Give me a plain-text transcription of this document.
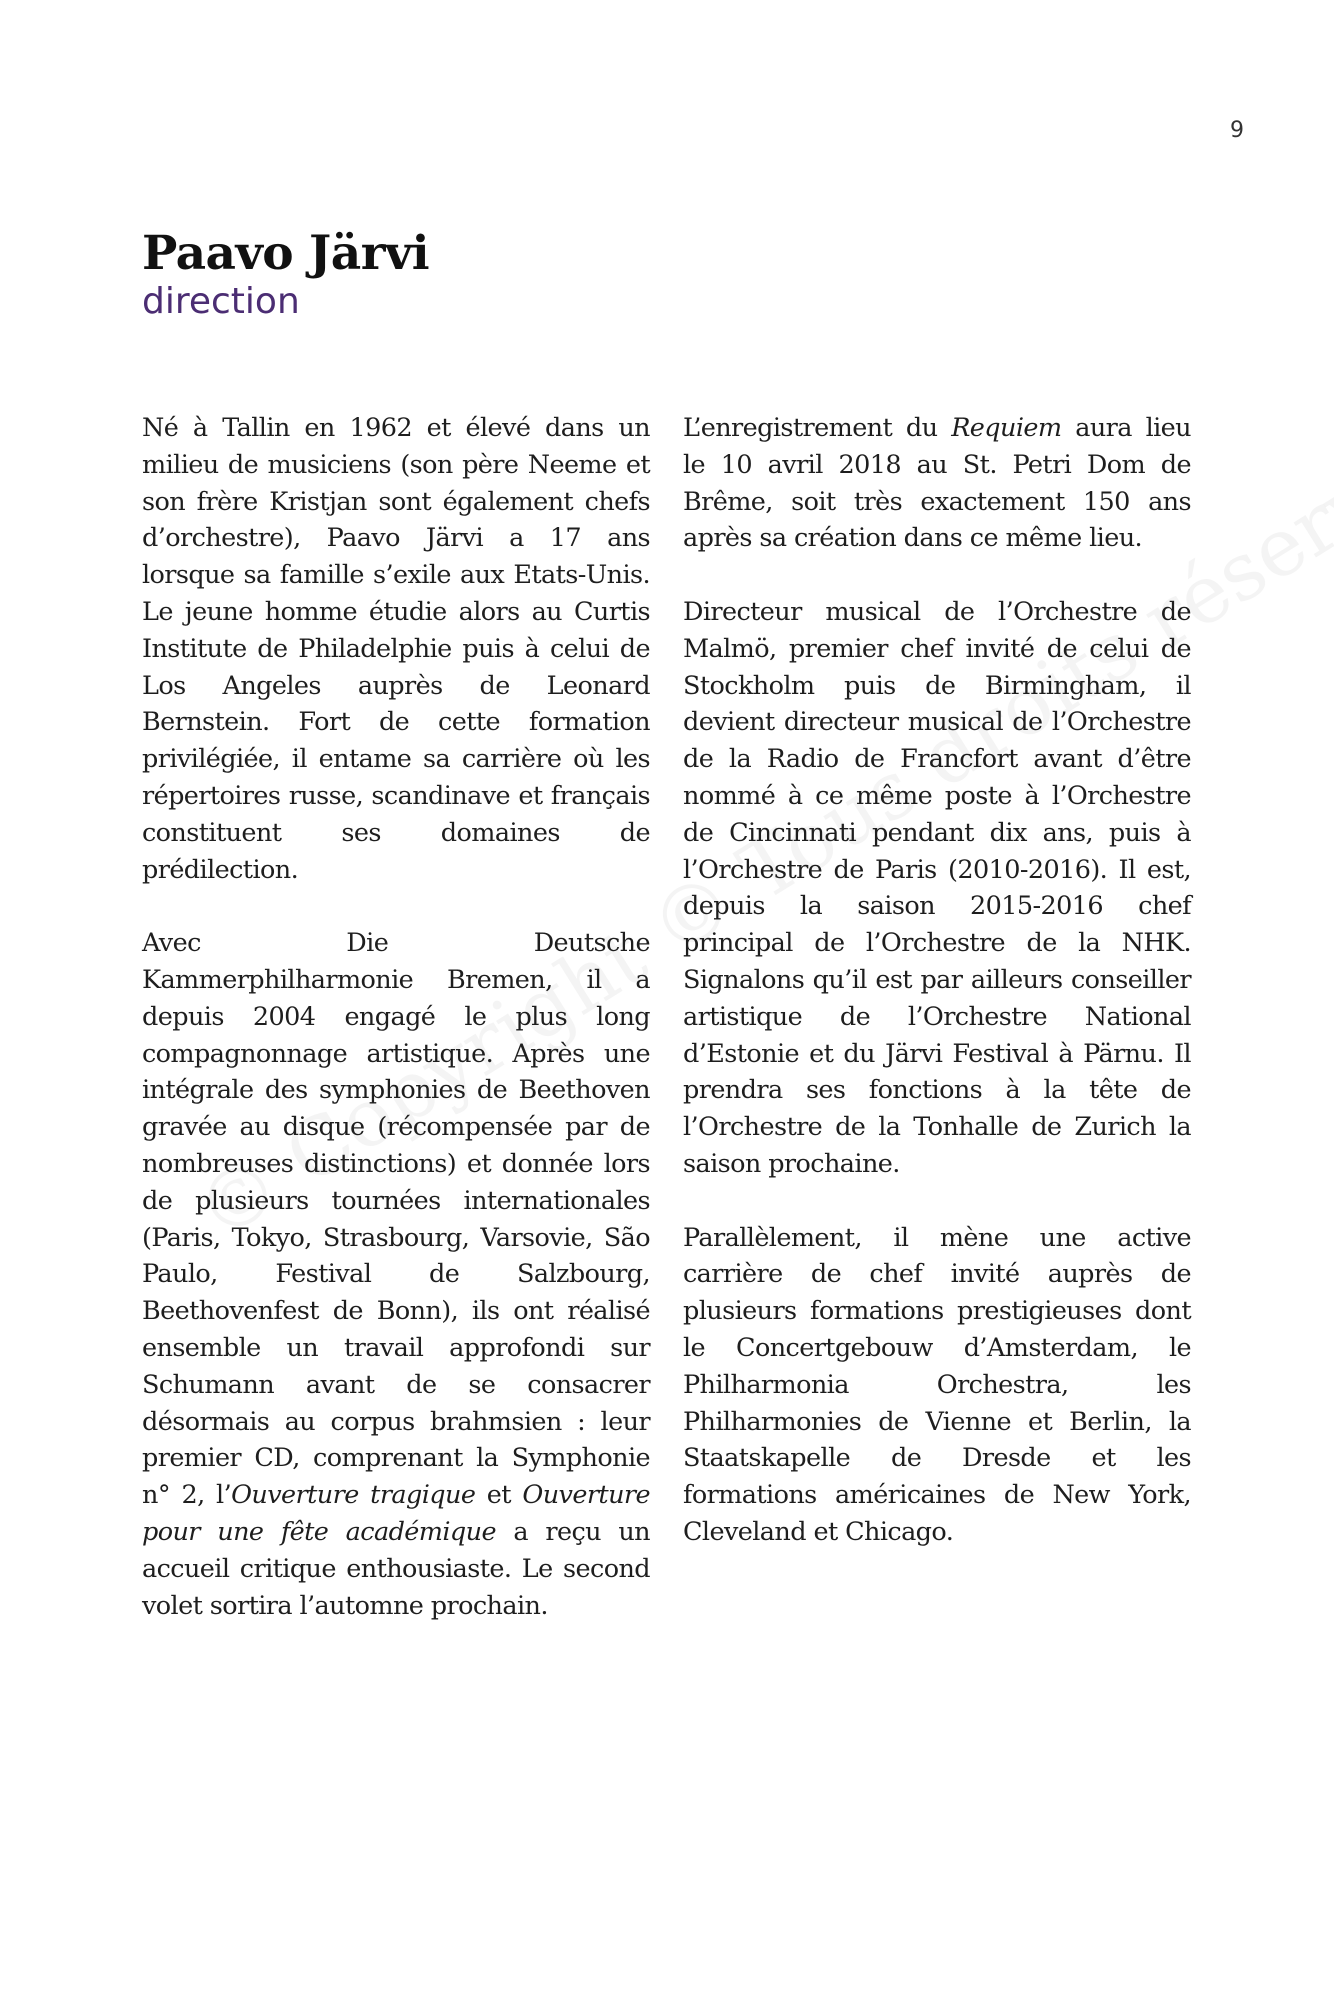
9
Paavo Järvi
direction

Né à Tallin en 1962 et élevé dans un milieu de musiciens (son père Neeme et son frère Kristjan sont également chefs d’orchestre), Paavo Järvi a 17 ans lorsque sa famille s’exile aux Etats-Unis. Le jeune homme étudie alors au Curtis Institute de Philadelphie puis à celui de Los Angeles auprès de Leonard Bernstein. Fort de cette formation privilégiée, il entame sa carrière où les répertoires russe, scandinave et français constituent ses domaines de prédilection.

Avec Die Deutsche Kammerphilharmonie Bremen, il a depuis 2004 engagé le plus long compagnonnage artistique. Après une intégrale des symphonies de Beethoven gravée au disque (récompensée par de nombreuses distinctions) et donnée lors de plusieurs tournées internationales (Paris, Tokyo, Strasbourg, Varsovie, São Paulo, Festival de Salzbourg, Beethovenfest de Bonn), ils ont réalisé ensemble un travail approfondi sur Schumann avant de se consacrer désormais au corpus brahmsien : leur premier CD, comprenant la Symphonie n° 2, l’Ouverture tragique et Ouverture pour une fête académique a reçu un accueil critique enthousiaste. Le second volet sortira l’automne prochain.

L’enregistrement du Requiem aura lieu le 10 avril 2018 au St. Petri Dom de Brême, soit très exactement 150 ans après sa création dans ce même lieu.

Directeur musical de l’Orchestre de Malmö, premier chef invité de celui de Stockholm puis de Birmingham, il devient directeur musical de l’Orchestre de la Radio de Francfort avant d’être nommé à ce même poste à l’Orchestre de Cincinnati pendant dix ans, puis à l’Orchestre de Paris (2010-2016). Il est, depuis la saison 2015-2016 chef principal de l’Orchestre de la NHK. Signalons qu’il est par ailleurs conseiller artistique de l’Orchestre National d’Estonie et du Järvi Festival à Pärnu. Il prendra ses fonctions à la tête de l’Orchestre de la Tonhalle de Zurich la saison prochaine.

Parallèlement, il mène une active carrière de chef invité auprès de plusieurs formations prestigieuses dont le Concertgebouw d’Amsterdam, le Philharmonia Orchestra, les Philharmonies de Vienne et Berlin, la Staatskapelle de Dresde et les formations américaines de New York, Cleveland et Chicago.
